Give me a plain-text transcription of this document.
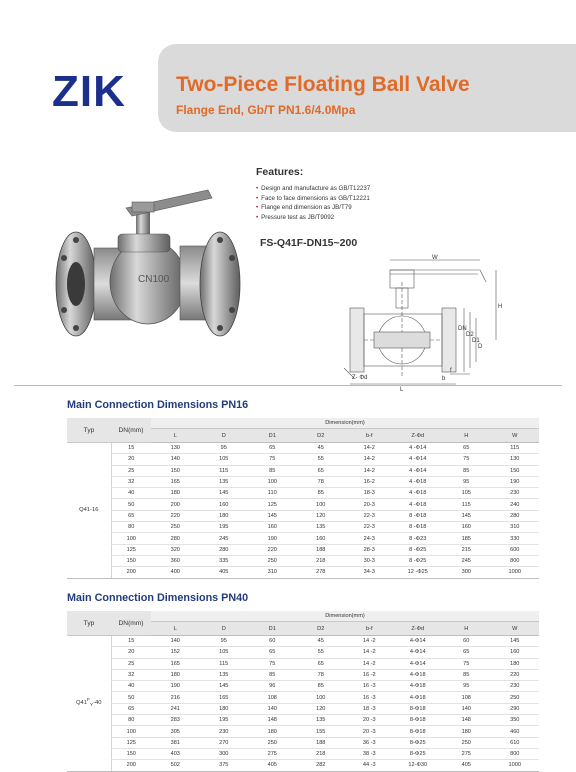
ZIK Two-Piece Floating Ball Valve
Flange End, Gb/T PN1.6/4.0Mpa
CN100
Features:
• Design and manufacture as GB/T12237
• Face to face dimensions as GB/T12221
• Flange end dimension as JB/T79
• Pressure test as JB/T9092
FS-Q41F-DN15~200
W
H
L
DN
D2
D1
D
Z- Φd	b
f
Main Connection Dimensions PN16
Typ	DN(mm)	Dimension(mm)							
		L	D	D1	D2	b-f	Z-Φd	H	W
Q41-16	15	130	95	65	45	14-2	4 -Φ14	65	115
	20	140	105	75	55	14-2	4 -Φ14	75	130
	25	150	115	85	65	14-2	4 -Φ14	85	150
	32	165	135	100	78	16-2	4 -Φ18	95	190
	40	180	145	110	85	18-3	4 -Φ18	105	230
	50	200	160	125	100	20-3	4 -Φ18	115	240
	65	220	180	145	120	22-3	8 -Φ18	145	280
	80	250	195	160	135	22-3	8 -Φ18	160	310
	100	280	245	190	160	24-3	8 -Φ23	185	330
	125	320	280	220	188	28-3	8 -Φ25	215	600
	150	360	335	250	218	30-3	8 -Φ25	245	800
	200	400	405	310	278	34-3	12 -Φ25	300	1000
Main Connection Dimensions PN40
Typ	DN(mm)	Dimension(mm)							
		L	D	D1	D2	b-f	Z-Φd	H	W
$Q41^F_Y-40$	15	140	95	60	45	14 -2	4-Φ14	60	145
	20	152	105	65	55	14 -2	4-Φ14	65	160
	25	165	115	75	65	14 -2	4-Φ14	75	180
	32	180	135	85	78	16 -2	4-Φ18	85	220
	40	190	145	96	85	16 -3	4-Φ18	95	230
	50	216	165	108	100	16 -3	4-Φ18	108	250
	65	241	180	140	120	18 -3	8-Φ18	140	290
	80	283	195	148	135	20 -3	8-Φ18	148	350
	100	305	230	180	155	20 -3	8-Φ18	180	460
	125	381	270	250	188	36 -3	8-Φ25	250	610
	150	403	300	275	218	38 -3	8-Φ25	275	800
	200	502	375	405	282	44 -3	12-Φ30	405	1000
